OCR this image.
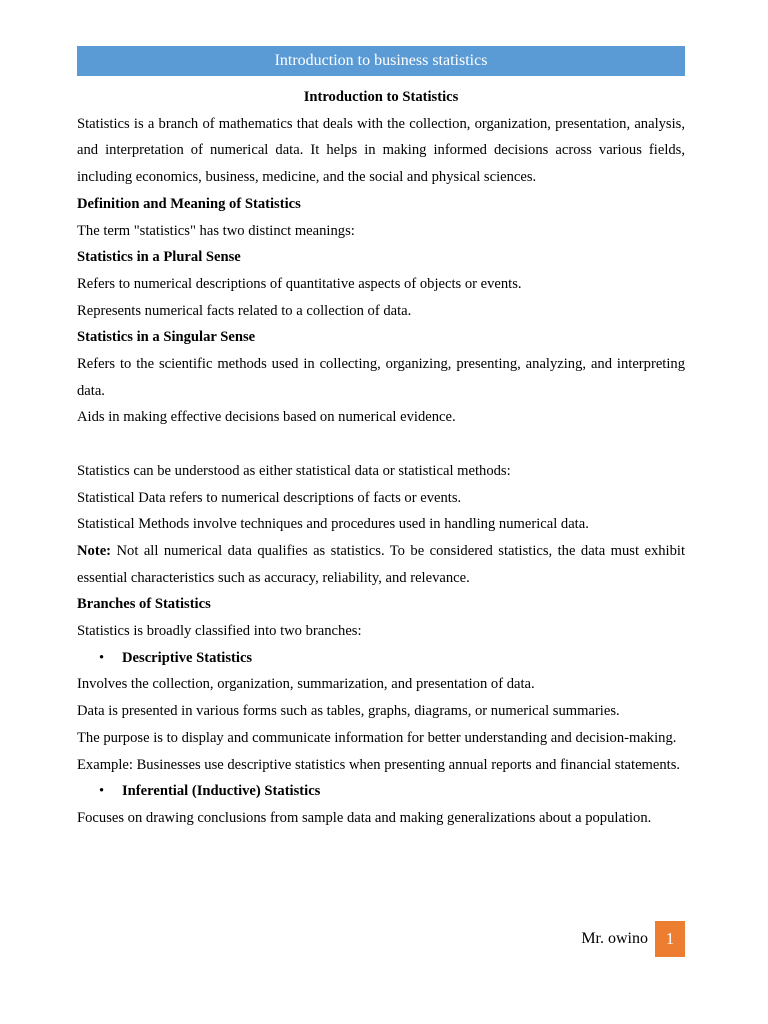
Introduction to business statistics

Introduction to Statistics

Statistics is a branch of mathematics that deals with the collection, organization, presentation, analysis, and interpretation of numerical data. It helps in making informed decisions across various fields, including economics, business, medicine, and the social and physical sciences.

Definition and Meaning of Statistics

The term "statistics" has two distinct meanings:

Statistics in a Plural Sense

Refers to numerical descriptions of quantitative aspects of objects or events.

Represents numerical facts related to a collection of data.

Statistics in a Singular Sense

Refers to the scientific methods used in collecting, organizing, presenting, analyzing, and interpreting data.

Aids in making effective decisions based on numerical evidence.

Statistics can be understood as either statistical data or statistical methods:

Statistical Data refers to numerical descriptions of facts or events.

Statistical Methods involve techniques and procedures used in handling numerical data.

Note: Not all numerical data qualifies as statistics. To be considered statistics, the data must exhibit essential characteristics such as accuracy, reliability, and relevance.

Branches of Statistics

Statistics is broadly classified into two branches:

• Descriptive Statistics

Involves the collection, organization, summarization, and presentation of data.

Data is presented in various forms such as tables, graphs, diagrams, or numerical summaries.

The purpose is to display and communicate information for better understanding and decision-making.

Example: Businesses use descriptive statistics when presenting annual reports and financial statements.

• Inferential (Inductive) Statistics

Focuses on drawing conclusions from sample data and making generalizations about a population.

Mr. owino	1
